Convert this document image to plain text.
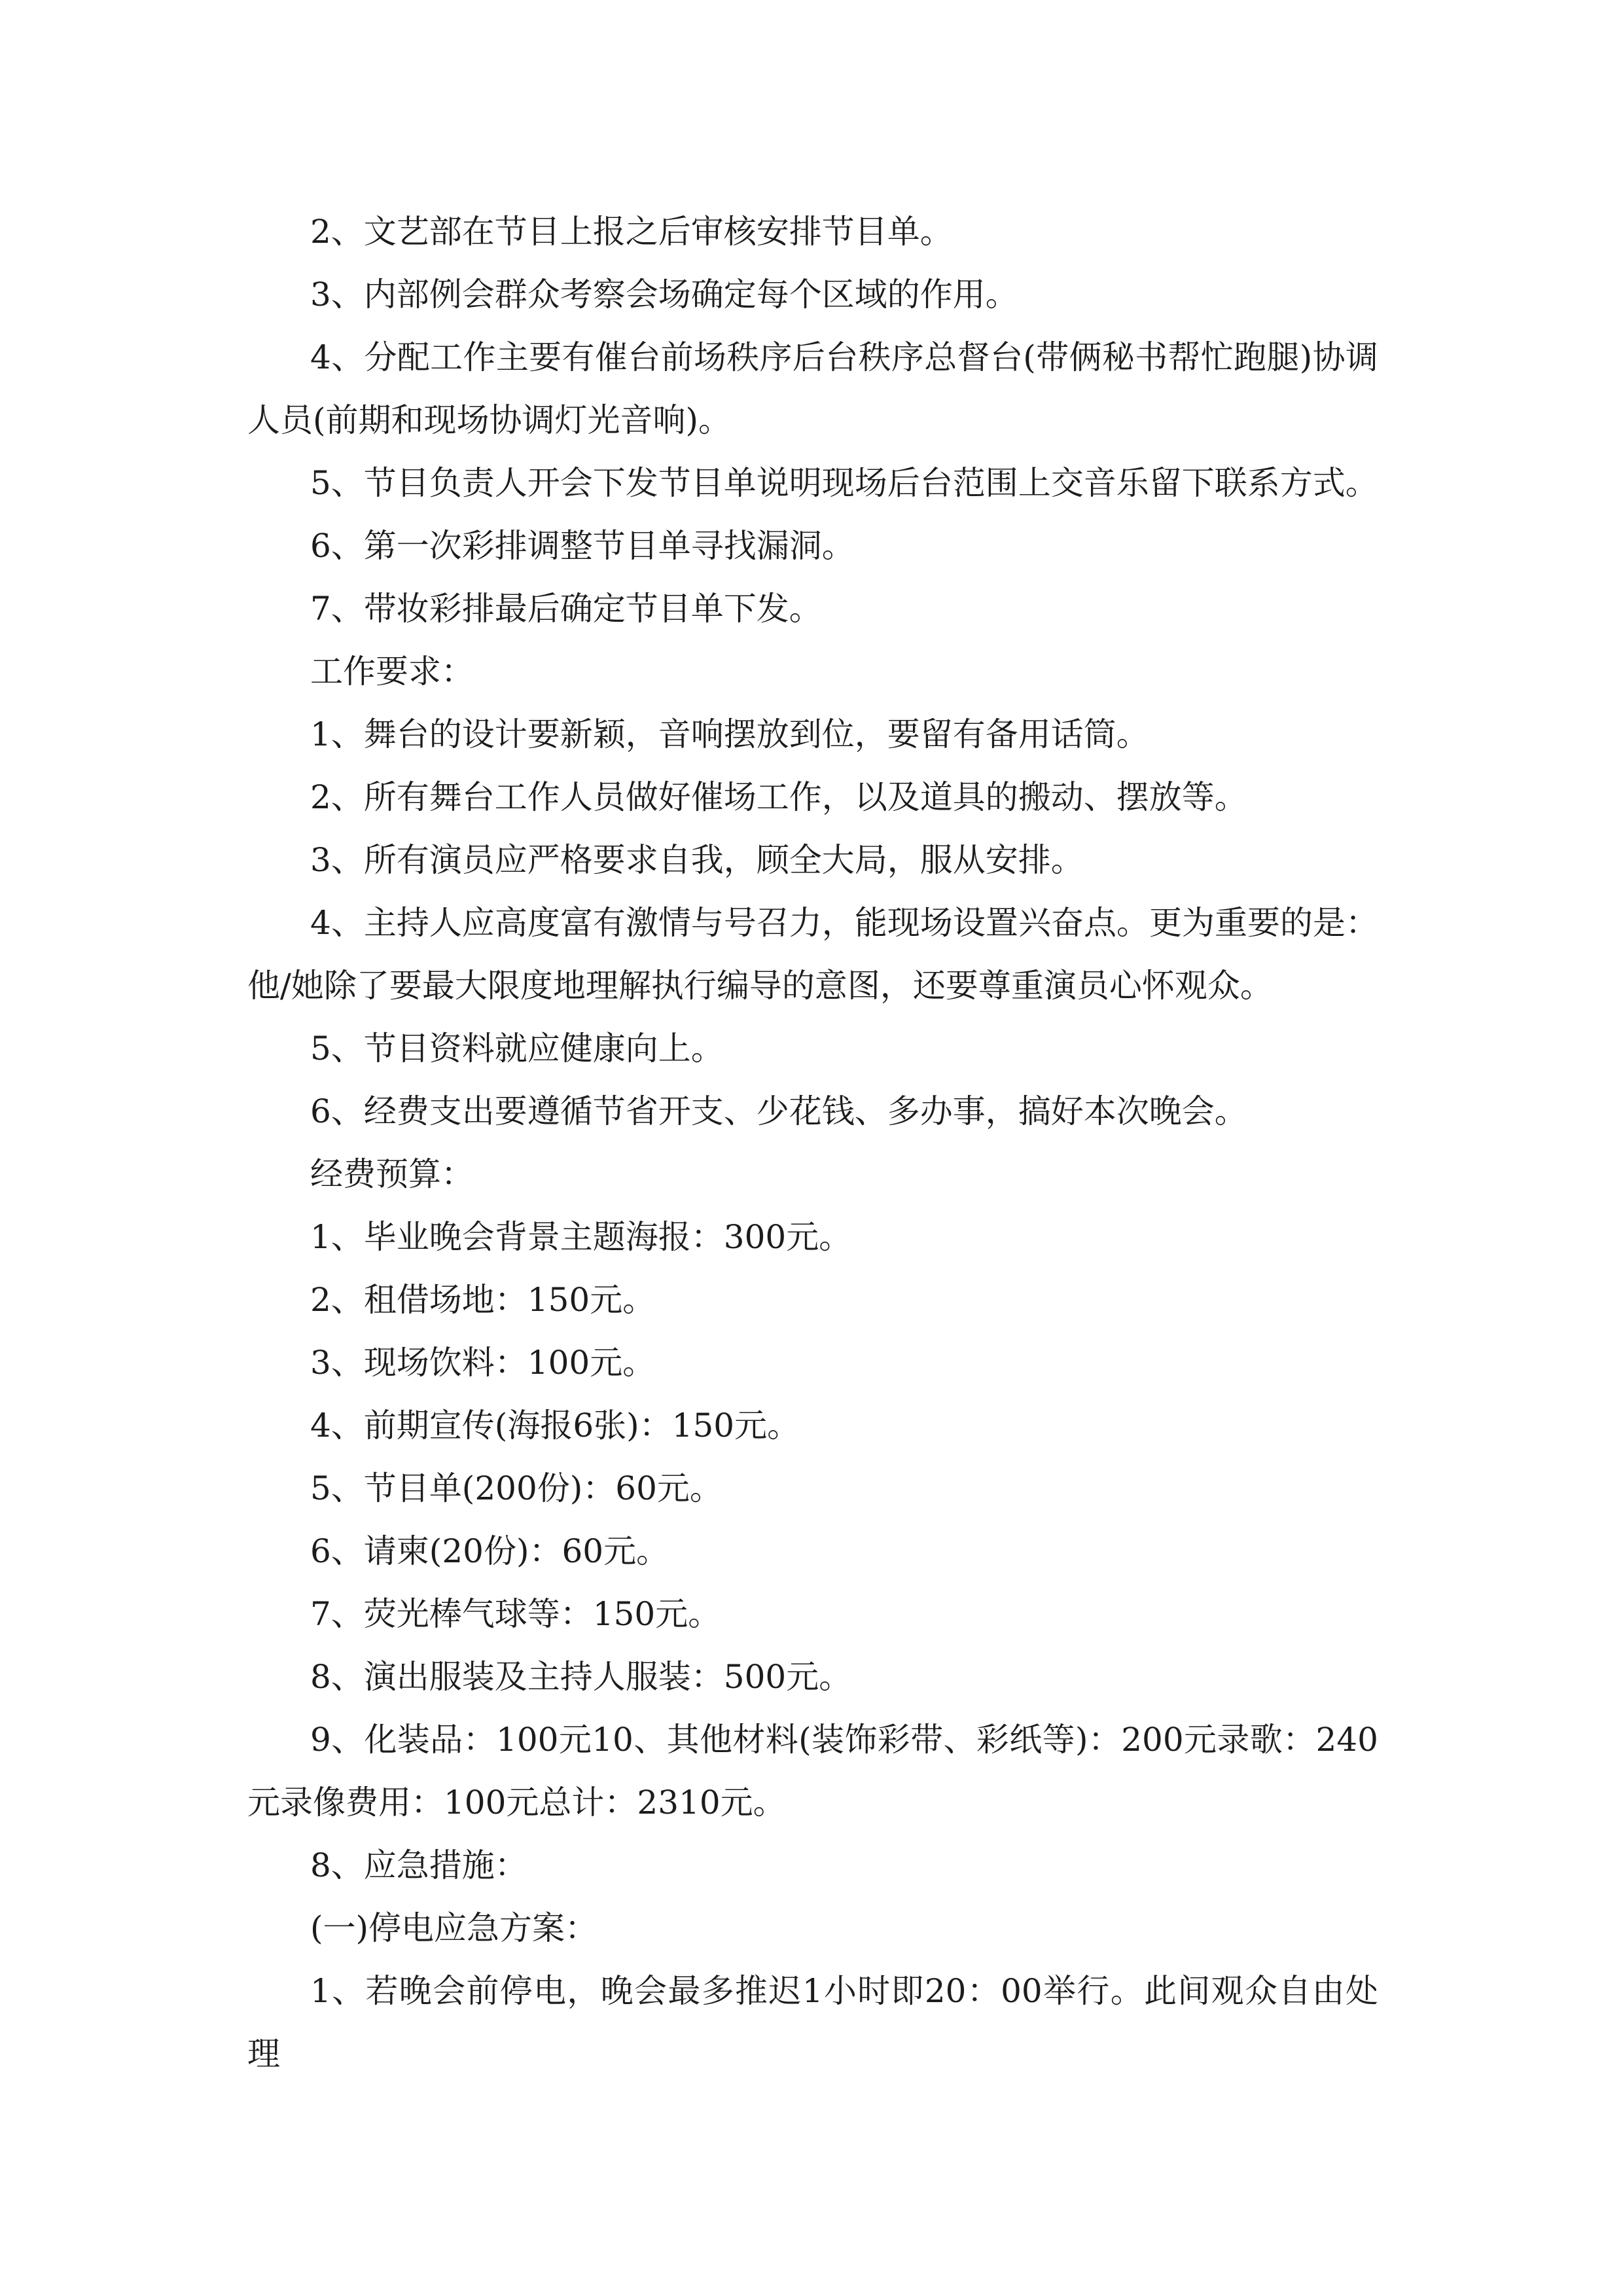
2、文艺部在节目上报之后审核安排节目单。

3、内部例会群众考察会场确定每个区域的作用。

4、分配工作主要有催台前场秩序后台秩序总督台(带俩秘书帮忙跑腿)协调人员(前期和现场协调灯光音响)。

5、节目负责人开会下发节目单说明现场后台范围上交音乐留下联系方式。

6、第一次彩排调整节目单寻找漏洞。

7、带妆彩排最后确定节目单下发。

工作要求：

1、舞台的设计要新颖，音响摆放到位，要留有备用话筒。

2、所有舞台工作人员做好催场工作，以及道具的搬动、摆放等。

3、所有演员应严格要求自我，顾全大局，服从安排。

4、主持人应高度富有激情与号召力，能现场设置兴奋点。更为重要的是：他/她除了要最大限度地理解执行编导的意图，还要尊重演员心怀观众。

5、节目资料就应健康向上。

6、经费支出要遵循节省开支、少花钱、多办事，搞好本次晚会。

经费预算：

1、毕业晚会背景主题海报：300元。

2、租借场地：150元。

3、现场饮料：100元。

4、前期宣传(海报6张)：150元。

5、节目单(200份)：60元。

6、请柬(20份)：60元。

7、荧光棒气球等：150元。

8、演出服装及主持人服装：500元。

9、化装品：100元10、其他材料(装饰彩带、彩纸等)：200元录歌：240元录像费用：100元总计：2310元。

8、应急措施：

(一)停电应急方案：

1、若晚会前停电，晚会最多推迟1小时即20：00举行。此间观众自由处理
